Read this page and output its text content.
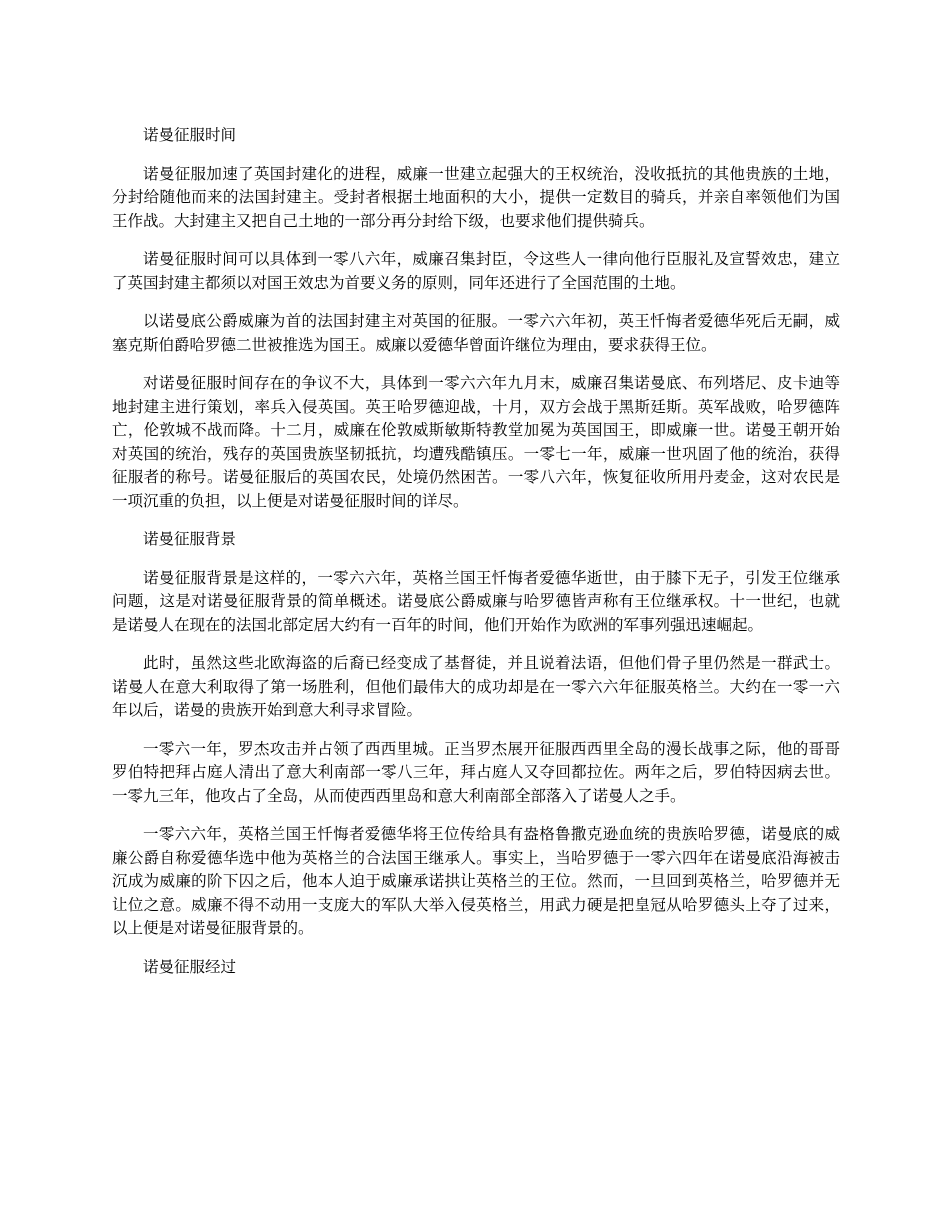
诺曼征服时间

诺曼征服加速了英国封建化的进程，威廉一世建立起强大的王权统治，没收抵抗的其他贵族的土地，分封给随他而来的法国封建主。受封者根据土地面积的大小，提供一定数目的骑兵，并亲自率领他们为国王作战。大封建主又把自己土地的一部分再分封给下级，也要求他们提供骑兵。

诺曼征服时间可以具体到一零八六年，威廉召集封臣，令这些人一律向他行臣服礼及宣誓效忠，建立了英国封建主都须以对国王效忠为首要义务的原则，同年还进行了全国范围的土地。

以诺曼底公爵威廉为首的法国封建主对英国的征服。一零六六年初，英王忏悔者爱德华死后无嗣，威塞克斯伯爵哈罗德二世被推选为国王。威廉以爱德华曾面许继位为理由，要求获得王位。

对诺曼征服时间存在的争议不大，具体到一零六六年九月末，威廉召集诺曼底、布列塔尼、皮卡迪等地封建主进行策划，率兵入侵英国。英王哈罗德迎战，十月，双方会战于黑斯廷斯。英军战败，哈罗德阵亡，伦敦城不战而降。十二月，威廉在伦敦威斯敏斯特教堂加冕为英国国王，即威廉一世。诺曼王朝开始对英国的统治，残存的英国贵族坚韧抵抗，均遭残酷镇压。一零七一年，威廉一世巩固了他的统治，获得征服者的称号。诺曼征服后的英国农民，处境仍然困苦。一零八六年，恢复征收所用丹麦金，这对农民是一项沉重的负担，以上便是对诺曼征服时间的详尽。

诺曼征服背景

诺曼征服背景是这样的，一零六六年，英格兰国王忏悔者爱德华逝世，由于膝下无子，引发王位继承问题，这是对诺曼征服背景的简单概述。诺曼底公爵威廉与哈罗德皆声称有王位继承权。十一世纪，也就是诺曼人在现在的法国北部定居大约有一百年的时间，他们开始作为欧洲的军事列强迅速崛起。

此时，虽然这些北欧海盗的后裔已经变成了基督徒，并且说着法语，但他们骨子里仍然是一群武士。诺曼人在意大利取得了第一场胜利，但他们最伟大的成功却是在一零六六年征服英格兰。大约在一零一六年以后，诺曼的贵族开始到意大利寻求冒险。

一零六一年，罗杰攻击并占领了西西里城。正当罗杰展开征服西西里全岛的漫长战事之际，他的哥哥罗伯特把拜占庭人清出了意大利南部一零八三年，拜占庭人又夺回都拉佐。两年之后，罗伯特因病去世。一零九三年，他攻占了全岛，从而使西西里岛和意大利南部全部落入了诺曼人之手。

一零六六年，英格兰国王忏悔者爱德华将王位传给具有盎格鲁撒克逊血统的贵族哈罗德，诺曼底的威廉公爵自称爱德华选中他为英格兰的合法国王继承人。事实上，当哈罗德于一零六四年在诺曼底沿海被击沉成为威廉的阶下囚之后，他本人迫于威廉承诺拱让英格兰的王位。然而，一旦回到英格兰，哈罗德并无让位之意。威廉不得不动用一支庞大的军队大举入侵英格兰，用武力硬是把皇冠从哈罗德头上夺了过来，以上便是对诺曼征服背景的。

诺曼征服经过
